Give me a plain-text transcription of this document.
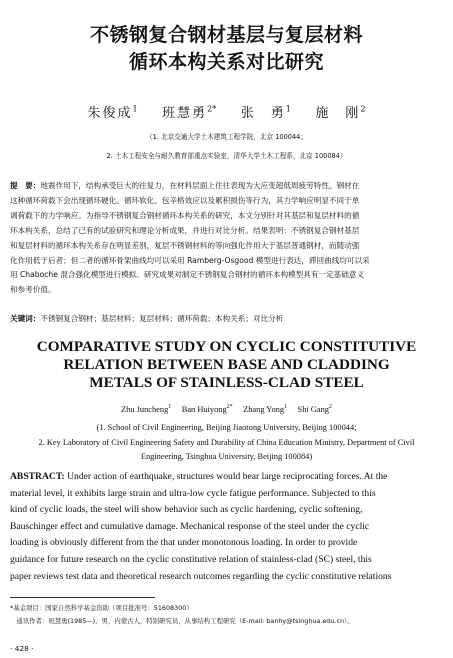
不锈钢复合钢材基层与复层材料
循环本构关系对比研究
朱俊成$^1$ 班慧勇$^{2*}$ 张　勇$^1$ 施　刚$^2$
（1. 北京交通大学土木建筑工程学院，北京 100044；
2. 土木工程安全与耐久教育部重点实验室，清华大学土木工程系，北京 100084）
提　要：地震作用下，结构承受巨大的往复力，在材料层面上往往表现为大应变超低周疲劳特性。钢材在
这种循环荷载下会出现循环硬化、循环软化、包辛格效应以及累积损伤等行为，其力学响应明显不同于单
调荷载下的力学响应。为指导不锈钢复合钢材循环本构关系的研究，本文分别针对其基层和复层材料的循
环本构关系，总结了已有的试验研究和理论分析成果，并进行对比分析。结果表明：不锈钢复合钢材基层
和复层材料的循环本构关系存在明显差别，复层不锈钢材料的等向强化作用大于基层普通钢材，而随动强
化作用低于后者；但二者的循环骨架曲线均可以采用 Ramberg-Osgood 模型进行表达，滞回曲线均可以采
用 Chaboche 混合强化模型进行模拟。研究成果对制定不锈钢复合钢材的循环本构模型具有一定基础意义
和参考价值。
关键词：不锈钢复合钢材；基层材料；复层材料；循环荷载；本构关系；对比分析
COMPARATIVE STUDY ON CYCLIC CONSTITUTIVE
RELATION BETWEEN BASE AND CLADDING
METALS OF STAINLESS-CLAD STEEL
Zhu Juncheng$^1$ Ban Huiyong$^{2*}$ Zhang Yong$^1$ Shi Gang$^2$
(1. School of Civil Engineering, Beijing Jiaotong University, Beijing 100044;
2. Key Laboratory of Civil Engineering Safety and Durability of China Education Ministry, Department of Civil
Engineering, Tsinghua University, Beijing 100084)
ABSTRACT: Under action of earthquake, structures would bear large reciprocating forces. At the
material level, it exhibits large strain and ultra-low cycle fatigue performance. Subjected to this
kind of cyclic loads, the steel will show behavior such as cyclic hardening, cyclic softening,
Bauschinger effect and cumulative damage. Mechanical response of the steel under the cyclic
loading is obviously different from the that under monotonous loading. In order to provide
guidance for future research on the cyclic constitutive relation of stainless-clad (SC) steel, this
paper reviews test data and theoretical research outcomes regarding the cyclic constitutive relations
*基金项目：国家自然科学基金资助（项目批准号：51608300）
　通讯作者：班慧勇(1985—)，男，内蒙古人，特别研究员，从事结构工程研究（E-mail: banhy@tsinghua.edu.cn）。
· 428 ·
